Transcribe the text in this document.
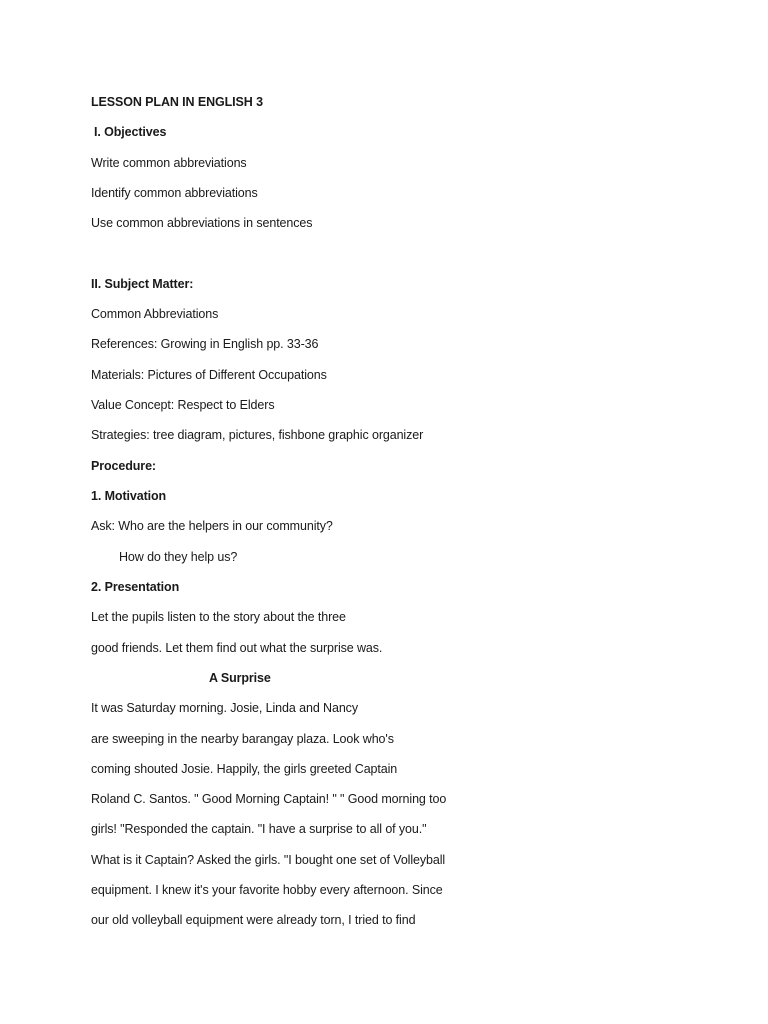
LESSON PLAN IN ENGLISH 3
I. Objectives
Write common abbreviations
Identify common abbreviations
Use common abbreviations in sentences
II. Subject Matter:
Common Abbreviations
References: Growing in English pp. 33-36
Materials: Pictures of Different Occupations
Value Concept: Respect to Elders
Strategies: tree diagram, pictures, fishbone graphic organizer
Procedure:
1. Motivation
Ask: Who are the helpers in our community?
How do they help us?
2. Presentation
Let the pupils listen to the story about the three
good friends. Let them find out what the surprise was.
A Surprise
It was Saturday morning. Josie, Linda and Nancy
are sweeping in the nearby barangay plaza. Look who's
coming shouted Josie. Happily, the girls greeted Captain
Roland C. Santos. " Good Morning Captain! " " Good morning too
girls! "Responded the captain. "I have a surprise to all of you."
What is it Captain? Asked the girls. "I bought one set of Volleyball
equipment. I knew it's your favorite hobby every afternoon. Since
our old volleyball equipment were already torn, I tried to find
